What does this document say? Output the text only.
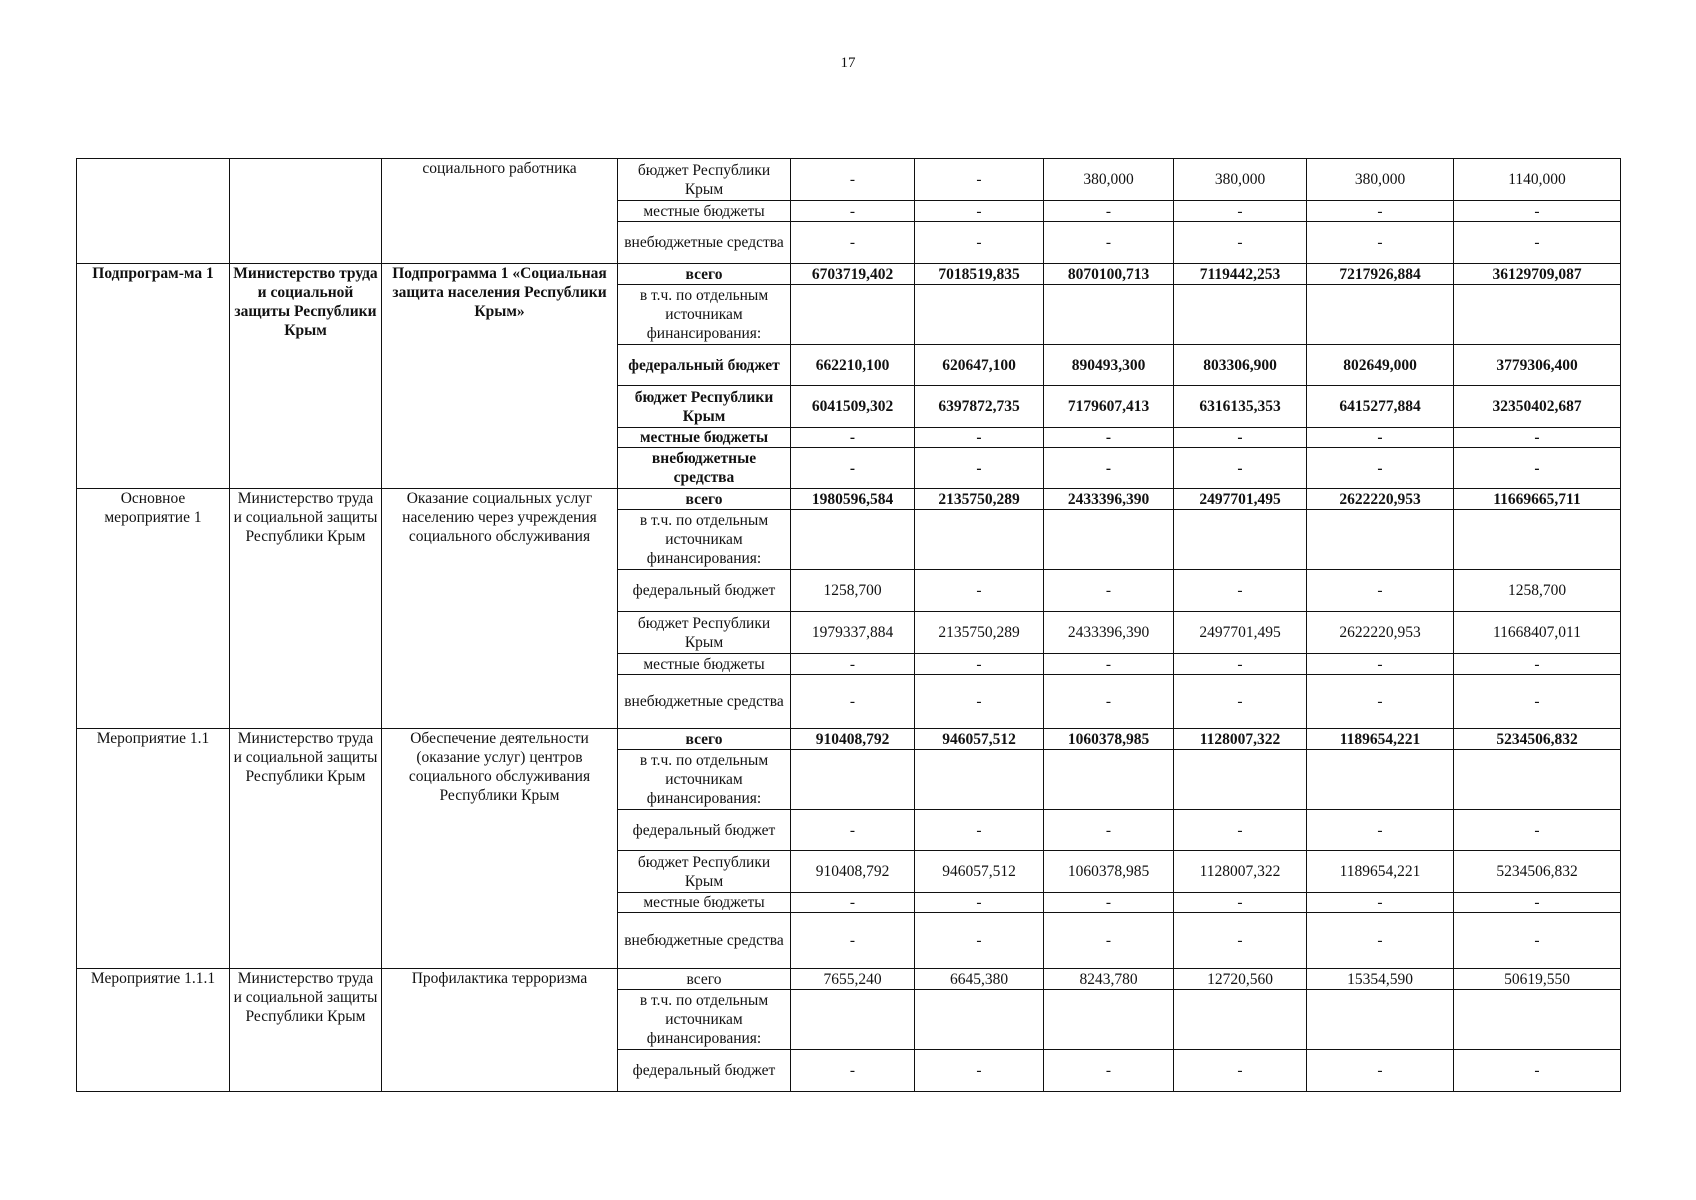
17
		социального работника	бюджет Республики Крым	-	-	380,000	380,000	380,000	1140,000
			местные бюджеты	-	-	-	-	-	-
			внебюджетные средства	-	-	-	-	-	-
Подпрограм-ма 1	Министерство труда и социальной защиты Республики Крым	Подпрограмма 1 «Социальная защита населения Республики Крым»	всего	6703719,402	7018519,835	8070100,713	7119442,253	7217926,884	36129709,087
			в т.ч. по отдельным источникам финансирования:						
			федеральный бюджет	662210,100	620647,100	890493,300	803306,900	802649,000	3779306,400
			бюджет Республики Крым	6041509,302	6397872,735	7179607,413	6316135,353	6415277,884	32350402,687
			местные бюджеты	-	-	-	-	-	-
			внебюджетные средства	-	-	-	-	-	-
Основное мероприятие 1	Министерство труда и социальной защиты Республики Крым	Оказание социальных услуг населению через учреждения социального обслуживания	всего	1980596,584	2135750,289	2433396,390	2497701,495	2622220,953	11669665,711
			в т.ч. по отдельным источникам финансирования:						
			федеральный бюджет	1258,700	-	-	-	-	1258,700
			бюджет Республики Крым	1979337,884	2135750,289	2433396,390	2497701,495	2622220,953	11668407,011
			местные бюджеты	-	-	-	-	-	-
			внебюджетные средства	-	-	-	-	-	-
Мероприятие 1.1	Министерство труда и социальной защиты Республики Крым	Обеспечение деятельности (оказание услуг) центров социального обслуживания Республики Крым	всего	910408,792	946057,512	1060378,985	1128007,322	1189654,221	5234506,832
			в т.ч. по отдельным источникам финансирования:						
			федеральный бюджет	-	-	-	-	-	-
			бюджет Республики Крым	910408,792	946057,512	1060378,985	1128007,322	1189654,221	5234506,832
			местные бюджеты	-	-	-	-	-	-
			внебюджетные средства	-	-	-	-	-	-
Мероприятие 1.1.1	Министерство труда и социальной защиты Республики Крым	Профилактика терроризма	всего	7655,240	6645,380	8243,780	12720,560	15354,590	50619,550
			в т.ч. по отдельным источникам финансирования:						
			федеральный бюджет	-	-	-	-	-	-
